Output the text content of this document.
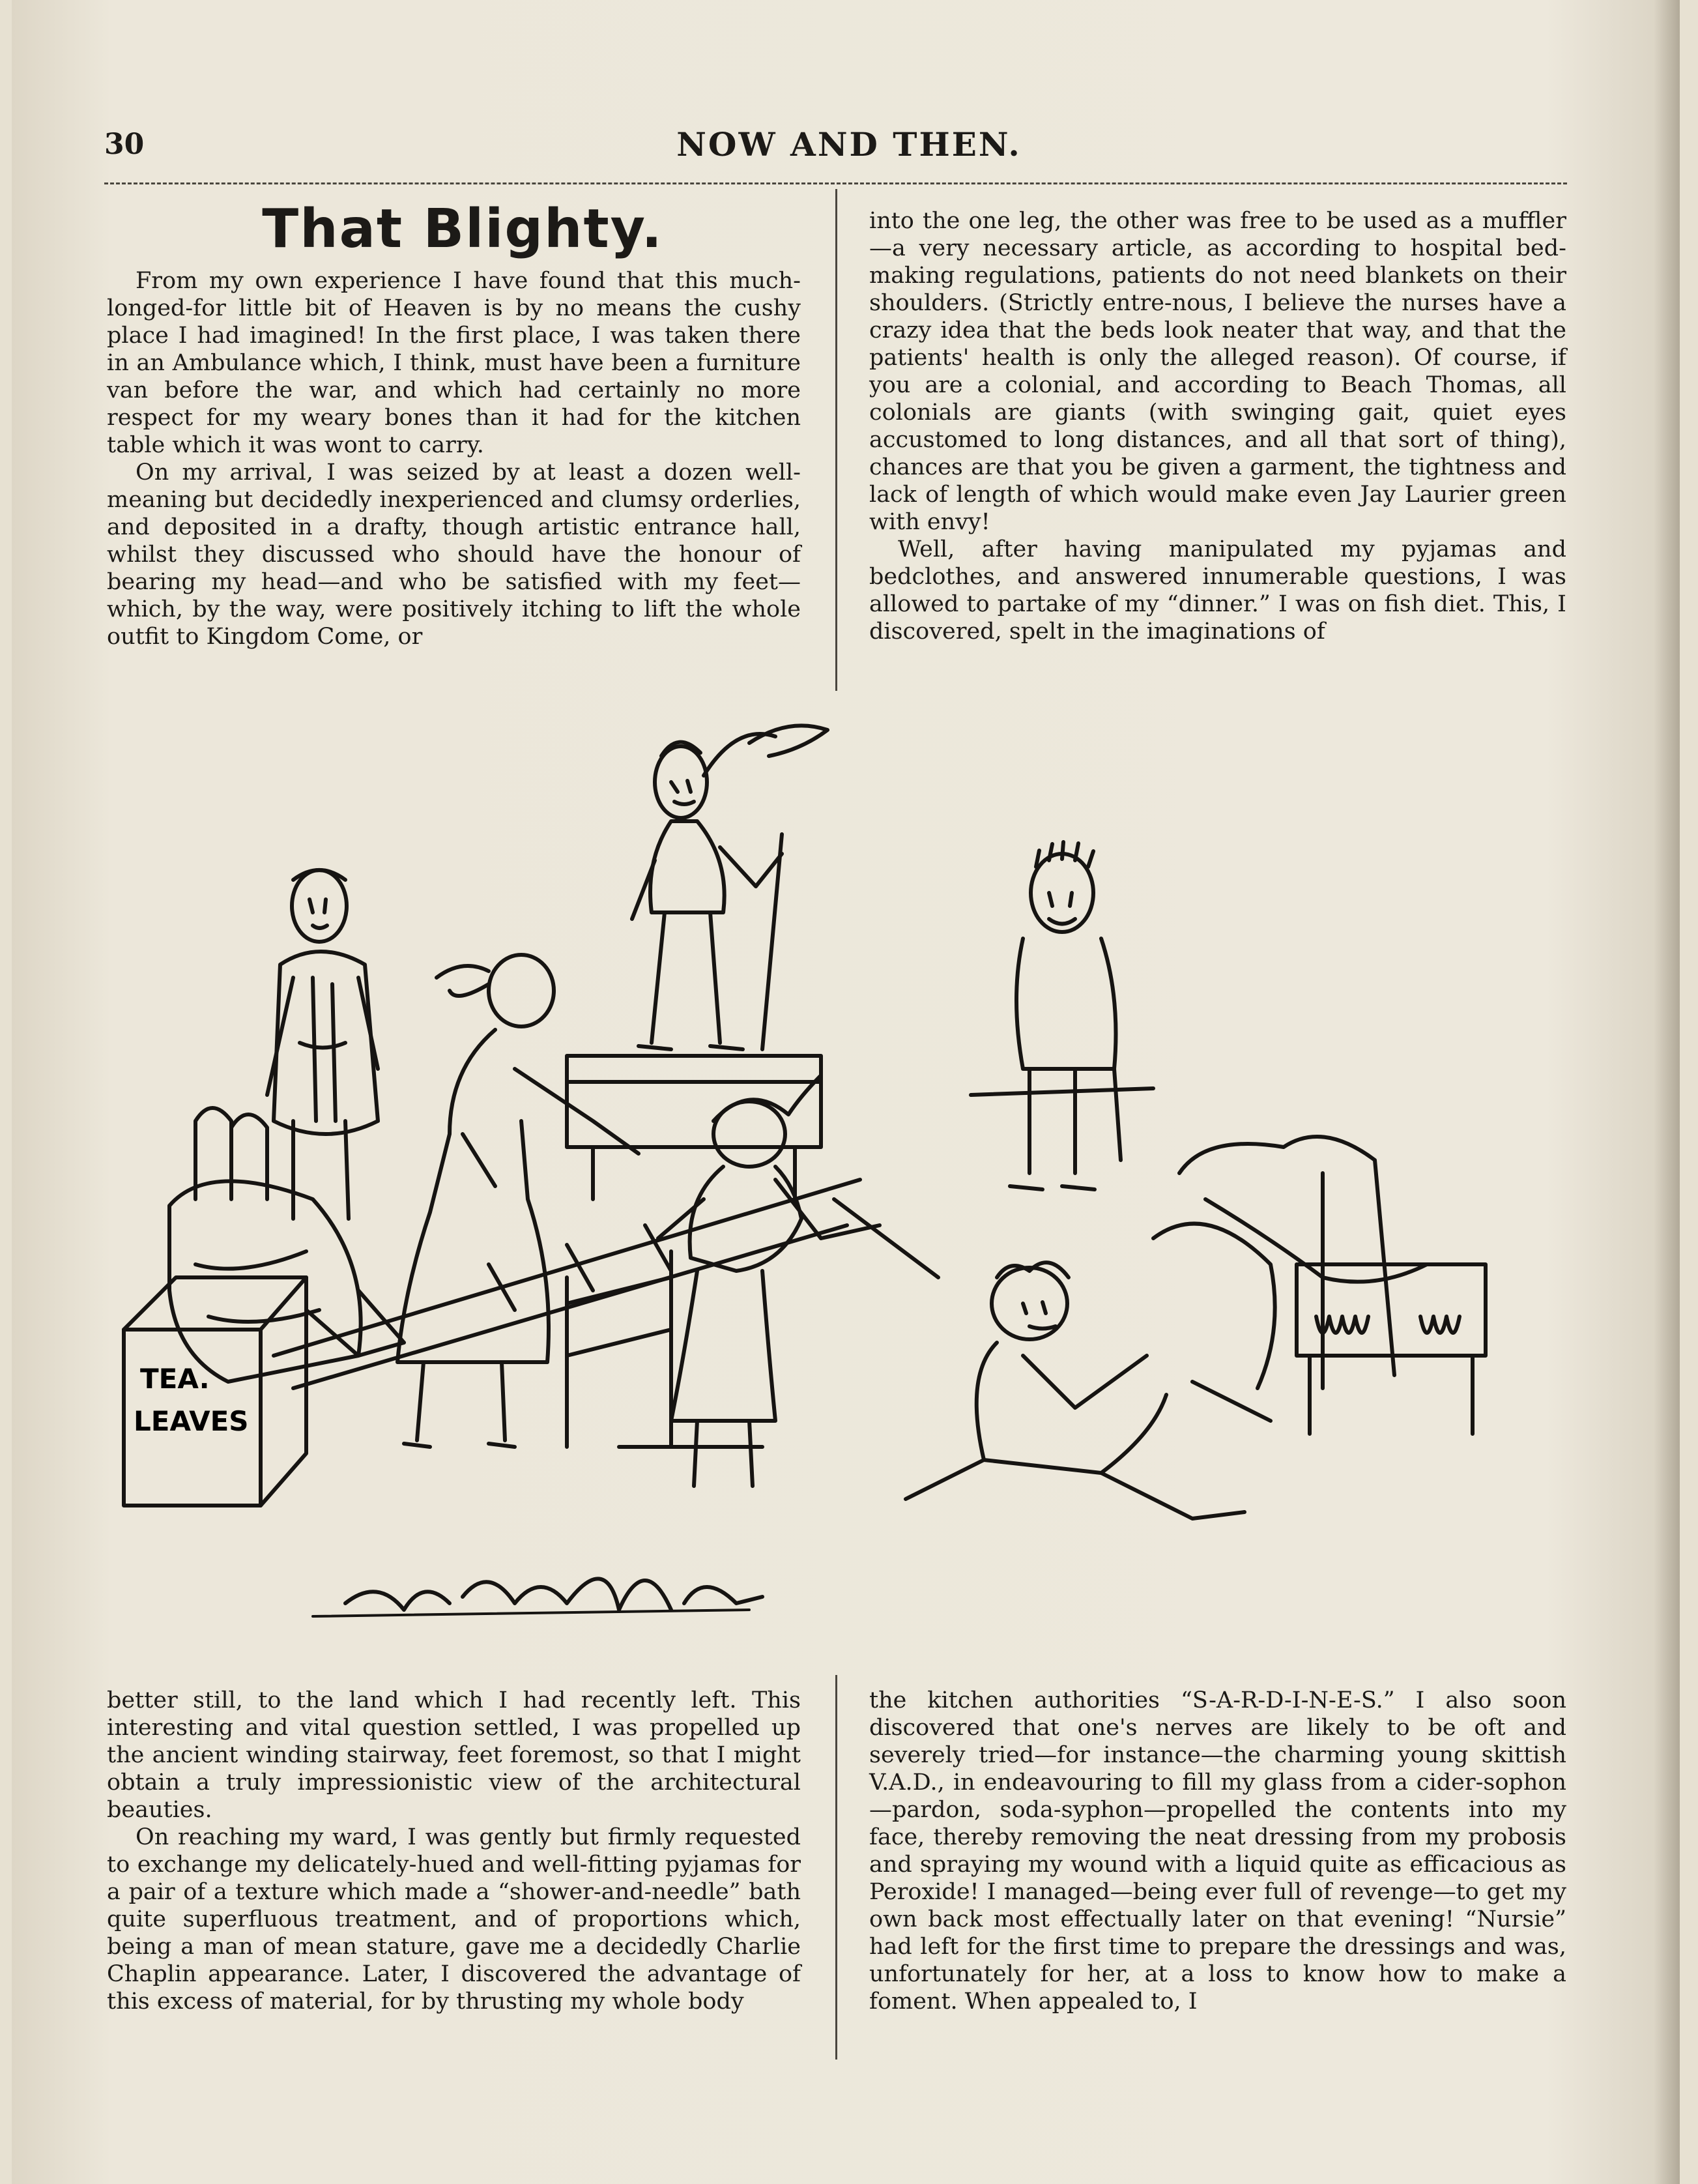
30	NOW AND THEN.
That Blighty.

From my own experience I have found that this much-longed-for little bit of Heaven is by no means the cushy place I had imagined! In the first place, I was taken there in an Ambulance which, I think, must have been a furniture van before the war, and which had certainly no more respect for my weary bones than it had for the kitchen table which it was wont to carry.

On my arrival, I was seized by at least a dozen well-meaning but decidedly inexperienced and clumsy orderlies, and deposited in a drafty, though artistic entrance hall, whilst they discussed who should have the honour of bearing my head—and who be satisfied with my feet—which, by the way, were positively itching to lift the whole outfit to Kingdom Come, or

into the one leg, the other was free to be used as a muffler—a very necessary article, as according to hospital bed-making regulations, patients do not need blankets on their shoulders. (Strictly entre-nous, I believe the nurses have a crazy idea that the beds look neater that way, and that the patients' health is only the alleged reason). Of course, if you are a colonial, and according to Beach Thomas, all colonials are giants (with swinging gait, quiet eyes accustomed to long distances, and all that sort of thing), chances are that you be given a garment, the tightness and lack of length of which would make even Jay Laurier green with envy!

Well, after having manipulated my pyjamas and bedclothes, and answered innumerable questions, I was allowed to partake of my “dinner.” I was on fish diet. This, I discovered, spelt in the imaginations of

better still, to the land which I had recently left. This interesting and vital question settled, I was propelled up the ancient winding stairway, feet foremost, so that I might obtain a truly impressionistic view of the architectural beauties.

On reaching my ward, I was gently but firmly requested to exchange my delicately-hued and well-fitting pyjamas for a pair of a texture which made a “shower-and-needle” bath quite superfluous treatment, and of proportions which, being a man of mean stature, gave me a decidedly Charlie Chaplin appearance. Later, I discovered the advantage of this excess of material, for by thrusting my whole body

the kitchen authorities “S-A-R-D-I-N-E-S.” I also soon discovered that one's nerves are likely to be oft and severely tried—for instance—the charming young skittish V.A.D., in endeavouring to fill my glass from a cider-sophon—pardon, soda-syphon—propelled the contents into my face, thereby removing the neat dressing from my probosis and spraying my wound with a liquid quite as efficacious as Peroxide! I managed—being ever full of revenge—to get my own back most effectually later on that evening! “Nursie” had left for the first time to prepare the dressings and was, unfortunately for her, at a loss to know how to make a foment. When appealed to, I

TEA.
LEAVES
